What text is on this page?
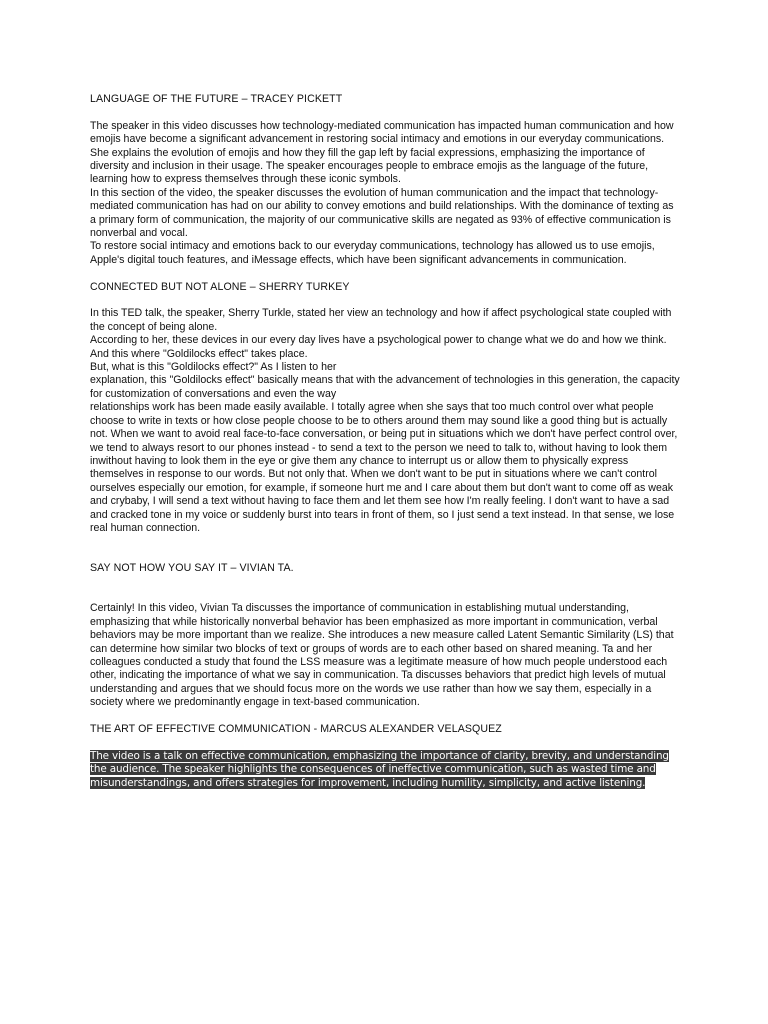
LANGUAGE OF THE FUTURE – TRACEY PICKETT

The speaker in this video discusses how technology-mediated communication has impacted human communication and how emojis have become a significant advancement in restoring social intimacy and emotions in our everyday communications. She explains the evolution of emojis and how they fill the gap left by facial expressions, emphasizing the importance of diversity and inclusion in their usage. The speaker encourages people to embrace emojis as the language of the future, learning how to express themselves through these iconic symbols.

In this section of the video, the speaker discusses the evolution of human communication and the impact that technology-mediated communication has had on our ability to convey emotions and build relationships. With the dominance of texting as a primary form of communication, the majority of our communicative skills are negated as 93% of effective communication is nonverbal and vocal.

To restore social intimacy and emotions back to our everyday communications, technology has allowed us to use emojis, Apple's digital touch features, and iMessage effects, which have been significant advancements in communication.

CONNECTED BUT NOT ALONE – SHERRY TURKEY

In this TED talk, the speaker, Sherry Turkle, stated her view an technology and how if affect psychological state coupled with the concept of being alone.

According to her, these devices in our every day lives have a psychological power to change what we do and how we think.

And this where "Goldilocks effect" takes place.

But, what is this "Goldilocks effect?" As I listen to her

explanation, this "Goldilocks effect" basically means that with the advancement of technologies in this generation, the capacity for customization of conversations and even the way

relationships work has been made easily available. I totally agree when she says that too much control over what people choose to write in texts or how close people choose to be to others around them may sound like a good thing but is actually not. When we want to avoid real face-to-face conversation, or being put in situations which we don't have perfect control over, we tend to always resort to our phones instead - to send a text to the person we need to talk to, without having to look them inwithout having to look them in the eye or give them any chance to interrupt us or allow them to physically express themselves in response to our words. But not only that. When we don't want to be put in situations where we can't control ourselves especially our emotion, for example, if someone hurt me and I care about them but don't want to come off as weak and crybaby, I will send a text without having to face them and let them see how I'm really feeling. I don't want to have a sad and cracked tone in my voice or suddenly burst into tears in front of them, so I just send a text instead. In that sense, we lose real human connection.

SAY NOT HOW YOU SAY IT – VIVIAN TA.

Certainly! In this video, Vivian Ta discusses the importance of communication in establishing mutual understanding, emphasizing that while historically nonverbal behavior has been emphasized as more important in communication, verbal behaviors may be more important than we realize. She introduces a new measure called Latent Semantic Similarity (LS) that can determine how similar two blocks of text or groups of words are to each other based on shared meaning. Ta and her colleagues conducted a study that found the LSS measure was a legitimate measure of how much people understood each other, indicating the importance of what we say in communication. Ta discusses behaviors that predict high levels of mutual understanding and argues that we should focus more on the words we use rather than how we say them, especially in a society where we predominantly engage in text-based communication.

THE ART OF EFFECTIVE COMMUNICATION - MARCUS ALEXANDER VELASQUEZ

The video is a talk on effective communication, emphasizing the importance of clarity, brevity, and understanding the audience. The speaker highlights the consequences of ineffective communication, such as wasted time and misunderstandings, and offers strategies for improvement, including humility, simplicity, and active listening.
